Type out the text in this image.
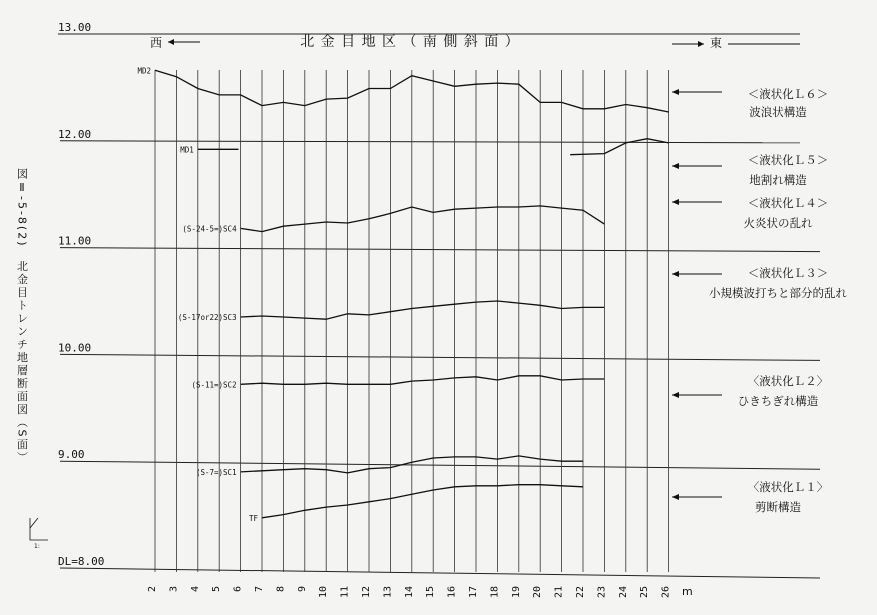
北 金 目 地 区 （ 南 側 斜 面 ）
西	東
図Ⅱ-5-8(2)　北金目トレンチ地層断面図（S面）
m
1:
13.00
12.00
11.00
10.00
9.00
DL=8.00
2 3 4 5 6 7 8 9 10 11 12 13 14 15 16 17 18 19 20 21 22 23 24 25 26
MD2
MD1
(S-24-5=)SC4
(S-17or22)SC3
(S-11=)SC2
(S-7=)SC1
TF
＜液状化Ｌ６＞
波浪状構造
＜液状化Ｌ５＞
地割れ構造
＜液状化Ｌ４＞
火炎状の乱れ
＜液状化Ｌ３＞
小規模波打ちと部分的乱れ
〈液状化Ｌ２〉
ひきちぎれ構造
〈液状化Ｌ１〉
剪断構造
